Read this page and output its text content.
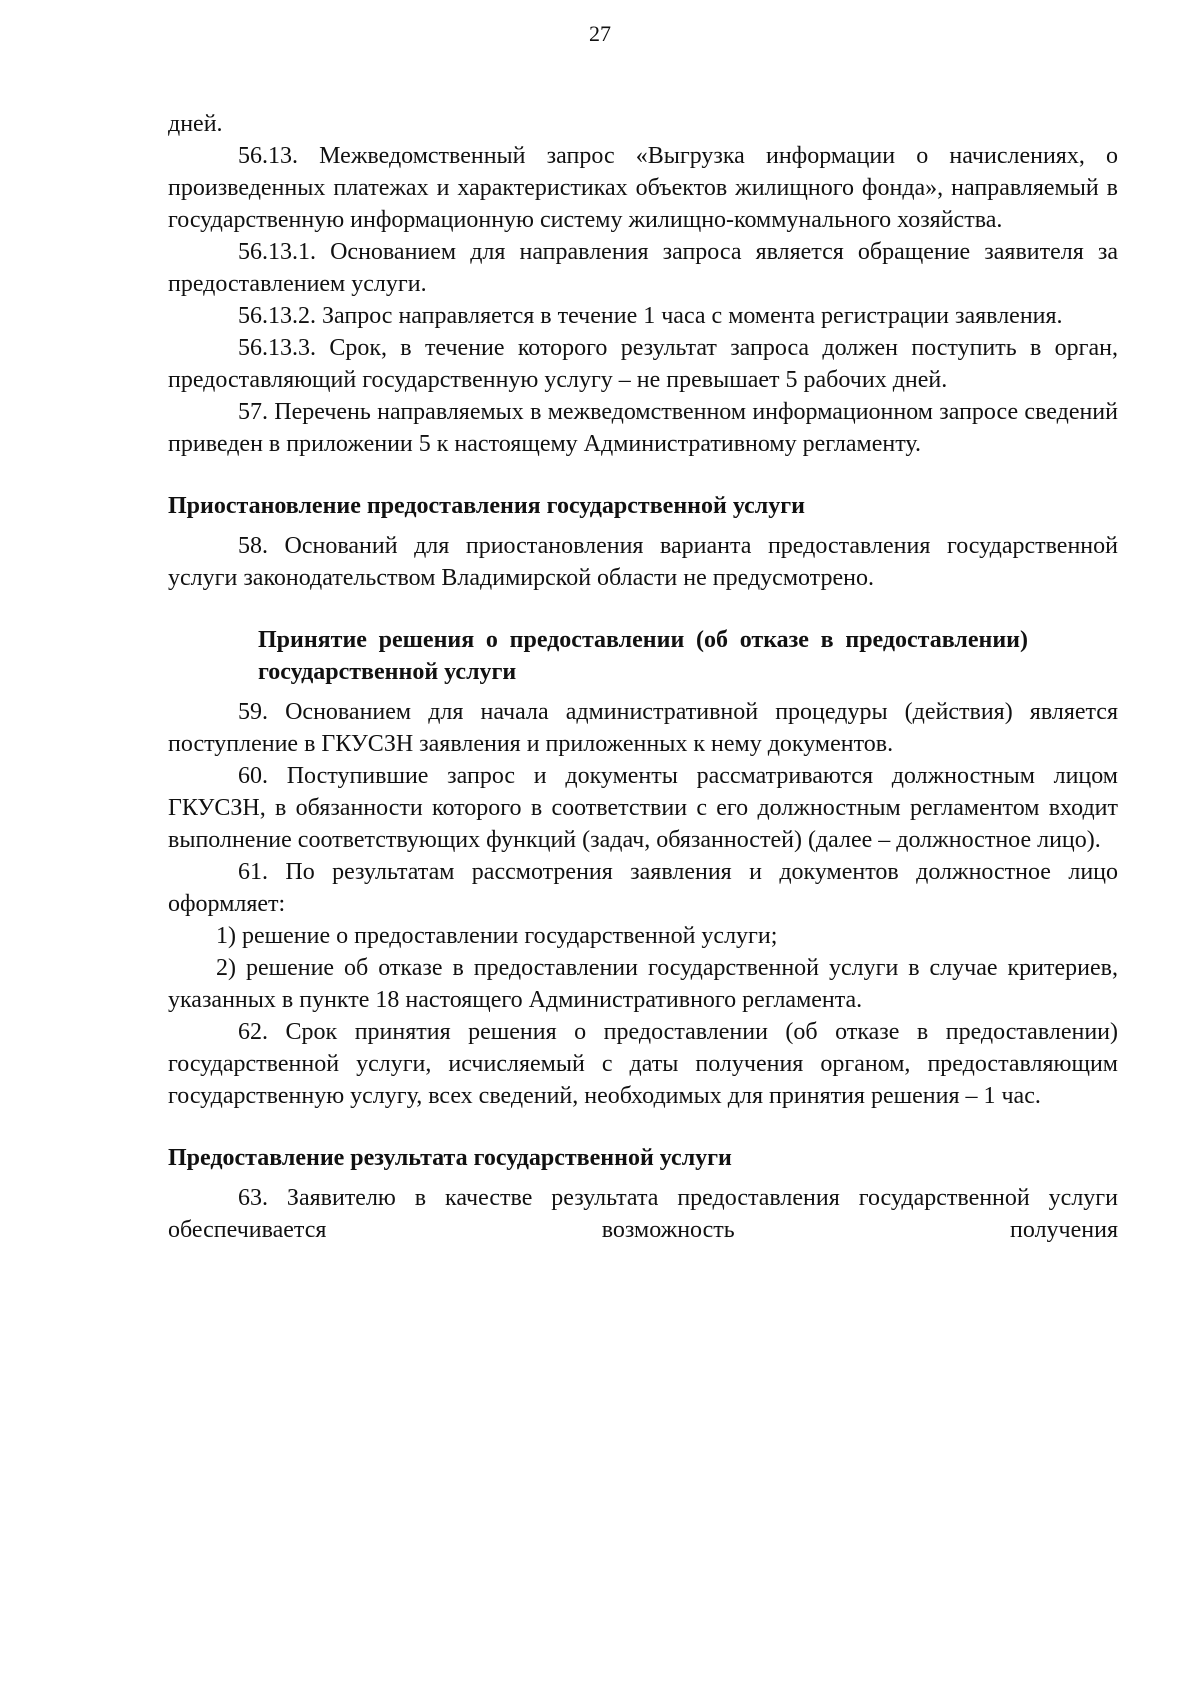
27

дней.

56.13. Межведомственный запрос «Выгрузка информации о начислениях, о произведенных платежах и характеристиках объектов жилищного фонда», направляемый в государственную информационную систему жилищно-коммунального хозяйства.

56.13.1. Основанием для направления запроса является обращение заявителя за предоставлением услуги.

56.13.2. Запрос направляется в течение 1 часа с момента регистрации заявления.

56.13.3. Срок, в течение которого результат запроса должен поступить в орган, предоставляющий государственную услугу – не превышает 5 рабочих дней.

57. Перечень направляемых в межведомственном информационном запросе сведений приведен в приложении 5 к настоящему Административному регламенту.

Приостановление предоставления государственной услуги

58. Оснований для приостановления варианта предоставления государственной услуги законодательством Владимирской области не предусмотрено.

Принятие решения о предоставлении (об отказе в предоставлении) государственной услуги

59. Основанием для начала административной процедуры (действия) является поступление в ГКУСЗН заявления и приложенных к нему документов.

60. Поступившие запрос и документы рассматриваются должностным лицом ГКУСЗН, в обязанности которого в соответствии с его должностным регламентом входит выполнение соответствующих функций (задач, обязанностей) (далее – должностное лицо).

61. По результатам рассмотрения заявления и документов должностное лицо оформляет:

1) решение о предоставлении государственной услуги;

2) решение об отказе в предоставлении государственной услуги в случае критериев, указанных в пункте 18 настоящего Административного регламента.

62. Срок принятия решения о предоставлении (об отказе в предоставлении) государственной услуги, исчисляемый с даты получения органом, предоставляющим государственную услугу, всех сведений, необходимых для принятия решения – 1 час.

Предоставление результата государственной услуги

63. Заявителю в качестве результата предоставления государственной услуги обеспечивается возможность получения
